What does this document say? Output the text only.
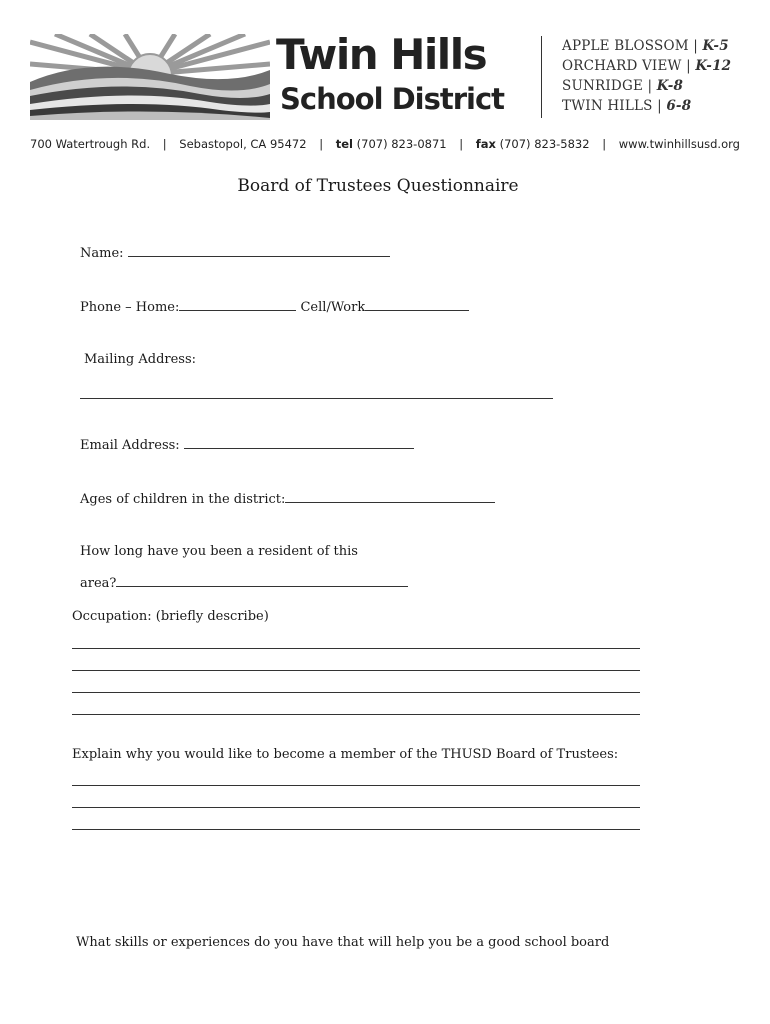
Twin Hills
School District
APPLE BLOSSOM | K-5
ORCHARD VIEW | K-12
SUNRIDGE | K-8
TWIN HILLS | 6-8
700 Watertrough Rd. | Sebastopol, CA 95472 | tel (707) 823-0871 | fax (707) 823-5832 | www.twinhillsusd.org
Board of Trustees Questionnaire
Name:
Phone – Home:	Cell/Work
Mailing Address:
Email Address:
Ages of children in the district:
How long have you been a resident of this
area?
Occupation: (briefly describe)
Explain why you would like to become a member of the THUSD Board of Trustees:
What skills or experiences do you have that will help you be a good school board
